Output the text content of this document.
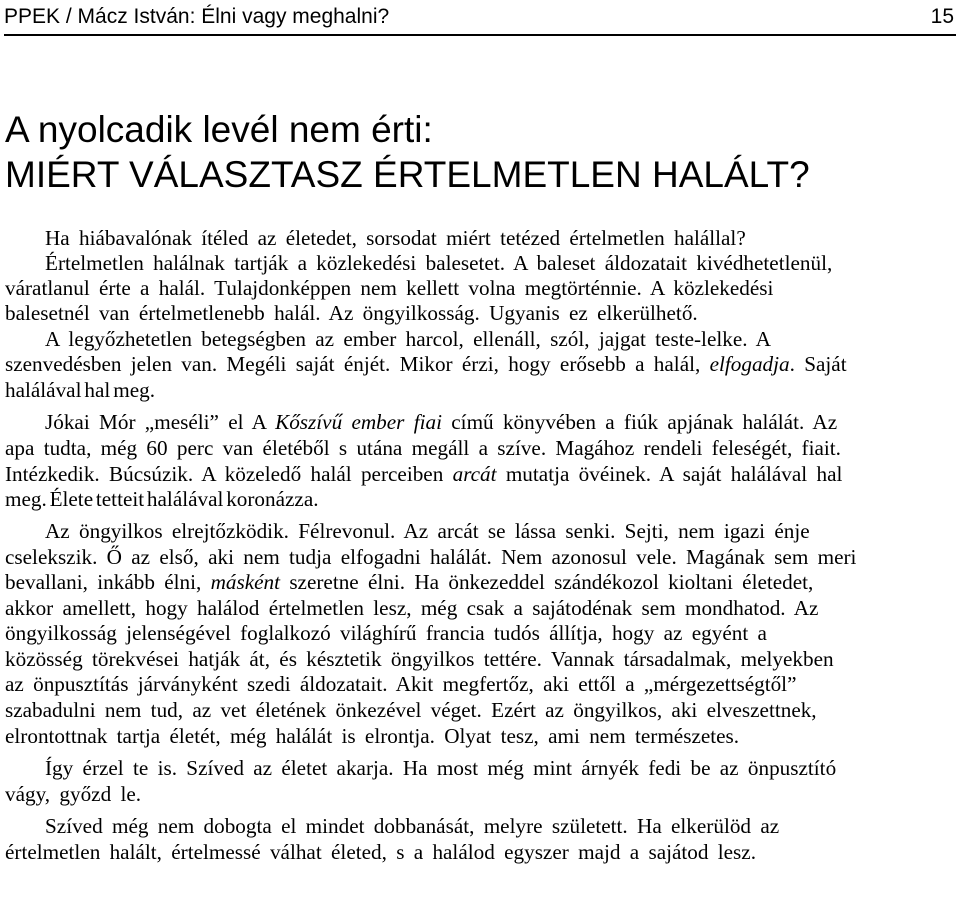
PPEK / Mácz István: Élni vagy meghalni?	15
A nyolcadik levél nem érti:
MIÉRT VÁLASZTASZ ÉRTELMETLEN HALÁLT?
Ha hiábavalónak ítéled az életedet, sorsodat miért tetézed értelmetlen halállal?
Értelmetlen halálnak tartják a közlekedési balesetet. A baleset áldozatait kivédhetetlenül,
váratlanul érte a halál. Tulajdonképpen nem kellett volna megtörténnie. A közlekedési
balesetnél van értelmetlenebb halál. Az öngyilkosság. Ugyanis ez elkerülhető.
A legyőzhetetlen betegségben az ember harcol, ellenáll, szól, jajgat teste-lelke. A
szenvedésben jelen van. Megéli saját énjét. Mikor érzi, hogy erősebb a halál, elfogadja. Saját
halálával hal meg.
Jókai Mór „meséli” el A Kőszívű ember fiai című könyvében a fiúk apjának halálát. Az
apa tudta, még 60 perc van életéből s utána megáll a szíve. Magához rendeli feleségét, fiait.
Intézkedik. Búcsúzik. A közeledő halál perceiben arcát mutatja övéinek. A saját halálával hal
meg. Élete tetteit halálával koronázza.
Az öngyilkos elrejtőzködik. Félrevonul. Az arcát se lássa senki. Sejti, nem igazi énje
cselekszik. Ő az első, aki nem tudja elfogadni halálát. Nem azonosul vele. Magának sem meri
bevallani, inkább élni, másként szeretne élni. Ha önkezeddel szándékozol kioltani életedet,
akkor amellett, hogy halálod értelmetlen lesz, még csak a sajátodénak sem mondhatod. Az
öngyilkosság jelenségével foglalkozó világhírű francia tudós állítja, hogy az egyént a
közösség törekvései hatják át, és késztetik öngyilkos tettére. Vannak társadalmak, melyekben
az önpusztítás járványként szedi áldozatait. Akit megfertőz, aki ettől a „mérgezettségtől”
szabadulni nem tud, az vet életének önkezével véget. Ezért az öngyilkos, aki elveszettnek,
elrontottnak tartja életét, még halálát is elrontja. Olyat tesz, ami nem természetes.
Így érzel te is. Szíved az életet akarja. Ha most még mint árnyék fedi be az önpusztító
vágy, győzd le.
Szíved még nem dobogta el mindet dobbanását, melyre született. Ha elkerülöd az
értelmetlen halált, értelmessé válhat életed, s a halálod egyszer majd a sajátod lesz.
